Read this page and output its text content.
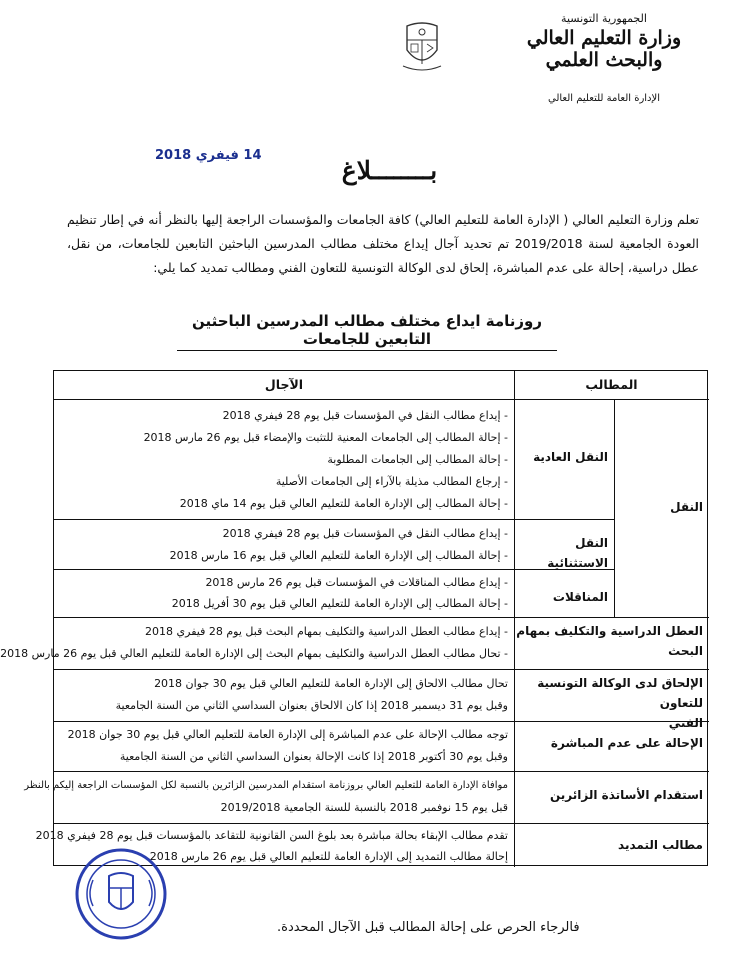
الجمهورية التونسية
وزارة التعليم العالي
والبحث العلمي
الإدارة العامة للتعليم العالي
14 فيفري 2018
بــــــــلاغ
تعلم وزارة التعليم العالي ( الإدارة العامة للتعليم العالي) كافة الجامعات والمؤسسات الراجعة إليها بالنظر أنه في إطار تنظيم العودة الجامعية لسنة 2019/2018 تم تحديد آجال إيداع مختلف مطالب المدرسين الباحثين التابعين للجامعات، من نقل، عطل دراسية، إحالة على عدم المباشرة، إلحاق لدى الوكالة التونسية للتعاون الفني ومطالب تمديد كما يلي:
روزنامة ايداع مختلف مطالب المدرسين الباحثين التابعين للجامعات
المطالب
الآجال
النقل
النقل العادية
- إيداع مطالب النقل في المؤسسات قبل يوم 28 فيفري 2018
- إحالة المطالب إلى الجامعات المعنية للتثبت والإمضاء قبل يوم 26 مارس 2018
- إحالة المطالب إلى الجامعات المطلوبة
- إرجاع المطالب مذيلة بالآراء إلى الجامعات الأصلية
- إحالة المطالب إلى الإدارة العامة للتعليم العالي قبل يوم 14 ماي 2018
النقل الاستثنائية
- إيداع مطالب النقل في المؤسسات قبل يوم 28 فيفري 2018
- إحالة المطالب إلى الإدارة العامة للتعليم العالي قبل يوم 16 مارس 2018
المناقلات
- إيداع مطالب المناقلات في المؤسسات قبل يوم 26 مارس 2018
- إحالة المطالب إلى الإدارة العامة للتعليم العالي قبل يوم 30 أفريل 2018
العطل الدراسية والتكليف بمهام البحث
- إيداع مطالب العطل الدراسية والتكليف بمهام البحث قبل يوم 28 فيفري 2018
- تحال مطالب العطل الدراسية والتكليف بمهام البحث إلى الإدارة العامة للتعليم العالي قبل يوم 26 مارس 2018
الإلحاق لدى الوكالة التونسية للتعاون
الفني
تحال مطالب الالحاق إلى الإدارة العامة للتعليم العالي قبل يوم 30 جوان 2018
وقبل يوم 31 ديسمبر 2018 إذا كان الالحاق بعنوان السداسي الثاني من السنة الجامعية
الإحالة على عدم المباشرة
توجه مطالب الإحالة على عدم المباشرة إلى الإدارة العامة للتعليم العالي قبل يوم 30 جوان 2018
وقبل يوم 30 أكتوبر 2018 إذا كانت الإحالة بعنوان السداسي الثاني من السنة الجامعية
استقدام الأساتذة الزائرين
موافاة الإدارة العامة للتعليم العالي بروزنامة استقدام المدرسين الزائرين بالنسبة لكل المؤسسات الراجعة إليكم بالنظر
قبل يوم 15 نوفمبر 2018 بالنسبة للسنة الجامعية 2019/2018
مطالب التمديد
تقدم مطالب الإبقاء بحالة مباشرة بعد بلوغ السن القانونية للتقاعد بالمؤسسات قبل يوم 28 فيفري 2018
إحالة مطالب التمديد إلى الإدارة العامة للتعليم العالي قبل يوم 26 مارس 2018
فالرجاء الحرص على إحالة المطالب قبل الآجال المحددة.
